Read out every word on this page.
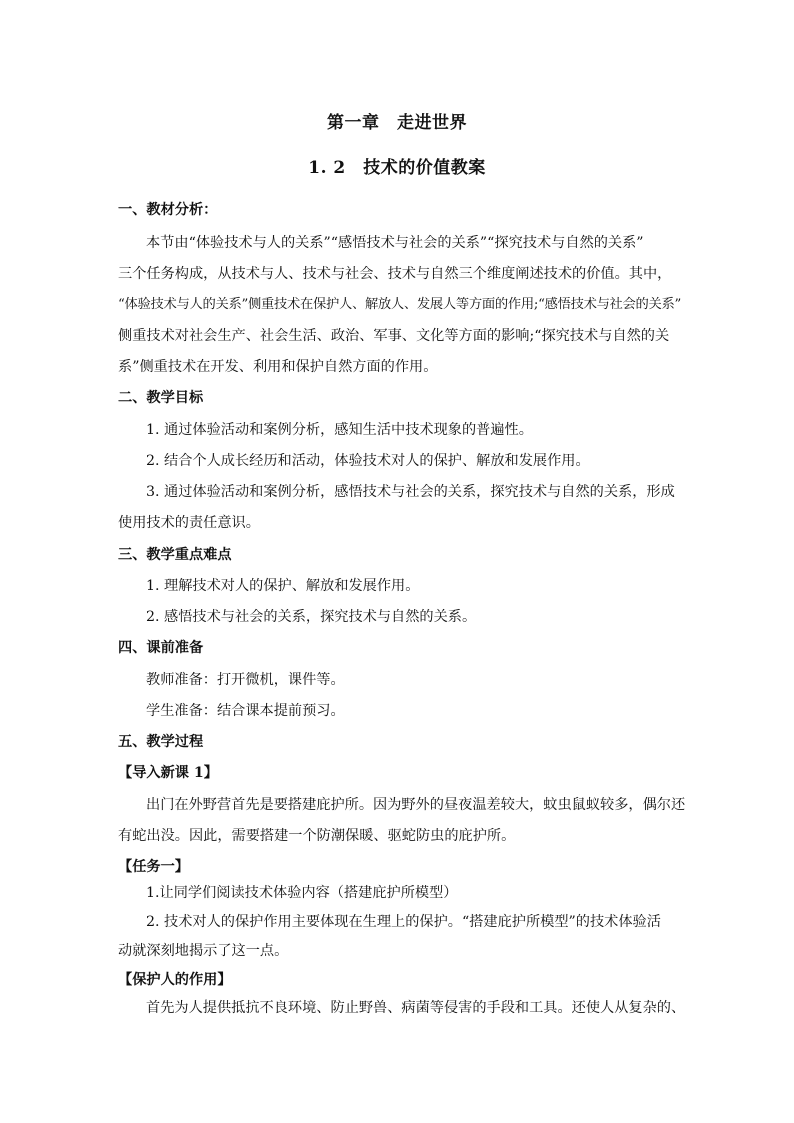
第一章　走进世界
1. 2　技术的价值教案
一、教材分析：
本节由“体验技术与人的关系”“感悟技术与社会的关系”“探究技术与自然的关系”
三个任务构成，从技术与人、技术与社会、技术与自然三个维度阐述技术的价值。其中，
“体验技术与人的关系”侧重技术在保护人、解放人、发展人等方面的作用;“感悟技术与社会的关系”
侧重技术对社会生产、社会生活、政治、军事、文化等方面的影响;“探究技术与自然的关
系”侧重技术在开发、利用和保护自然方面的作用。
二、教学目标
1. 通过体验活动和案例分析，感知生活中技术现象的普遍性。
2. 结合个人成长经历和活动，体验技术对人的保护、解放和发展作用。
3. 通过体验活动和案例分析，感悟技术与社会的关系，探究技术与自然的关系，形成
使用技术的责任意识。
三、教学重点难点
1. 理解技术对人的保护、解放和发展作用。
2. 感悟技术与社会的关系，探究技术与自然的关系。
四、课前准备
教师准备：打开微机，课件等。
学生准备：结合课本提前预习。
五、教学过程
【导入新课 1】
出门在外野营首先是要搭建庇护所。因为野外的昼夜温差较大，蚊虫鼠蚁较多，偶尔还
有蛇出没。因此，需要搭建一个防潮保暖、驱蛇防虫的庇护所。
【任务一】
1.让同学们阅读技术体验内容（搭建庇护所模型）
2. 技术对人的保护作用主要体现在生理上的保护。“搭建庇护所模型”的技术体验活
动就深刻地揭示了这一点。
【保护人的作用】
首先为人提供抵抗不良环境、防止野兽、病菌等侵害的手段和工具。还使人从复杂的、
